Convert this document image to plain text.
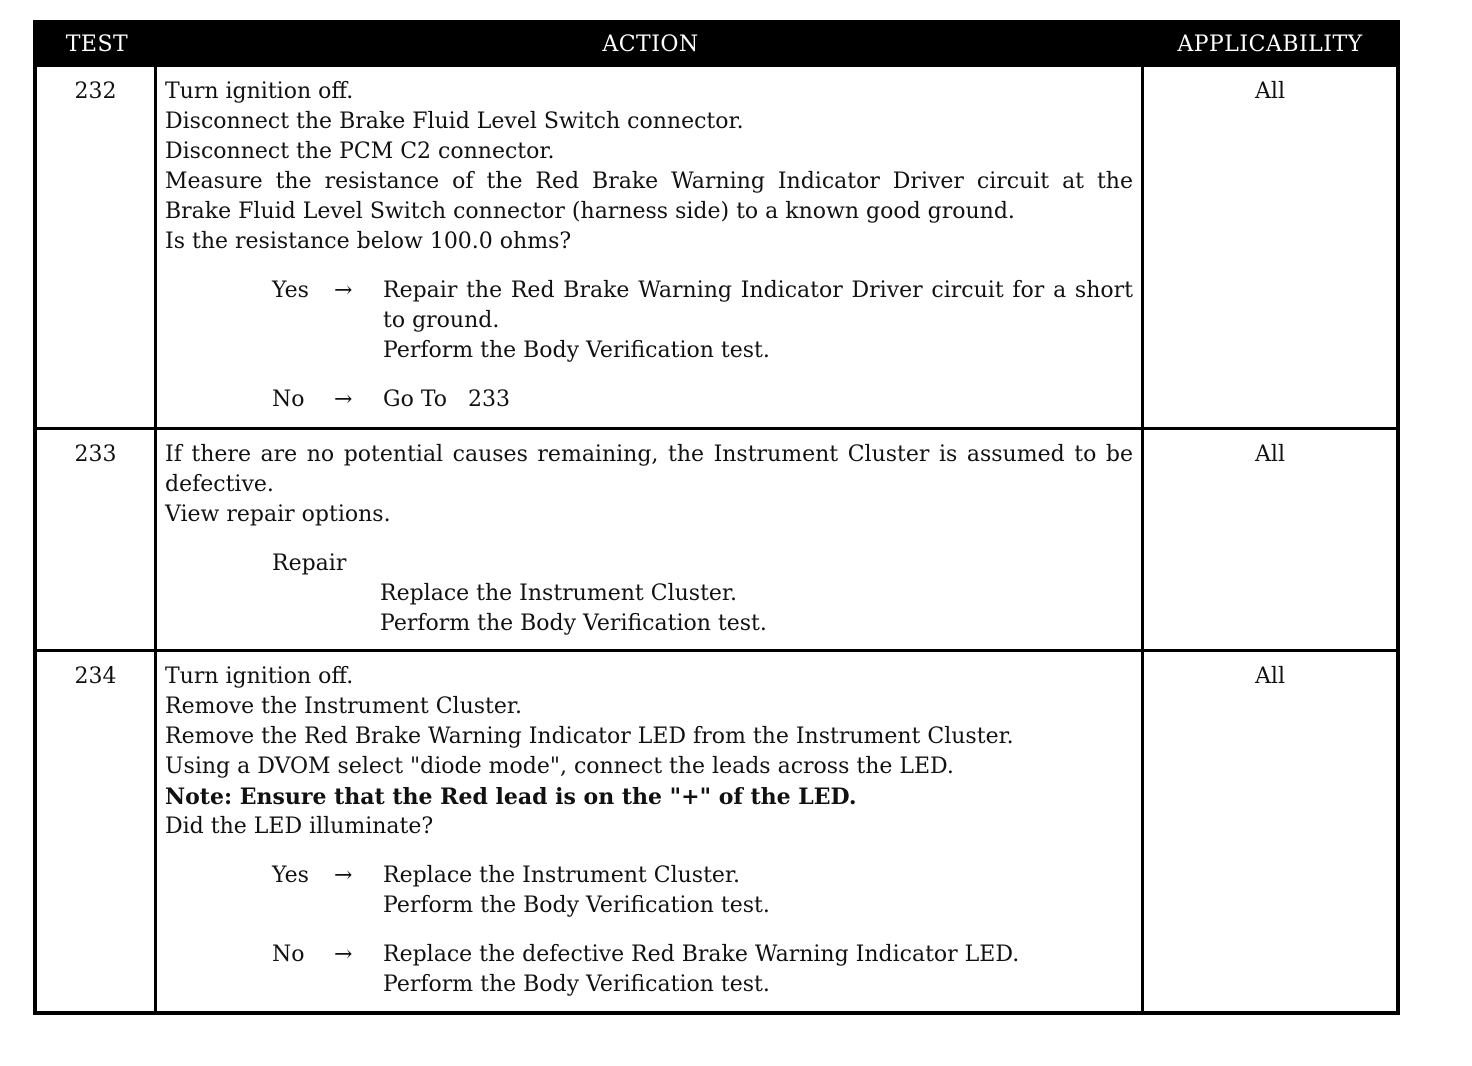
TEST	ACTION	APPLICABILITY
232	Turn ignition off.
Disconnect the Brake Fluid Level Switch connector.
Disconnect the PCM C2 connector.
Measure the resistance of the Red Brake Warning Indicator Driver circuit at the
Brake Fluid Level Switch connector (harness side) to a known good ground.
Is the resistance below 100.0 ohms?
Yes	→	Repair the Red Brake Warning Indicator Driver circuit for a short
to ground.
Perform the Body Verification test.
No	→	Go To   233
All
233	If there are no potential causes remaining, the Instrument Cluster is assumed to be
defective.
View repair options.
Repair
Replace the Instrument Cluster.
Perform the Body Verification test.
All
234	Turn ignition off.
Remove the Instrument Cluster.
Remove the Red Brake Warning Indicator LED from the Instrument Cluster.
Using a DVOM select "diode mode", connect the leads across the LED.
Note: Ensure that the Red lead is on the "+" of the LED.
Did the LED illuminate?
Yes	→	Replace the Instrument Cluster.
Perform the Body Verification test.
No	→	Replace the defective Red Brake Warning Indicator LED.
Perform the Body Verification test.
All
